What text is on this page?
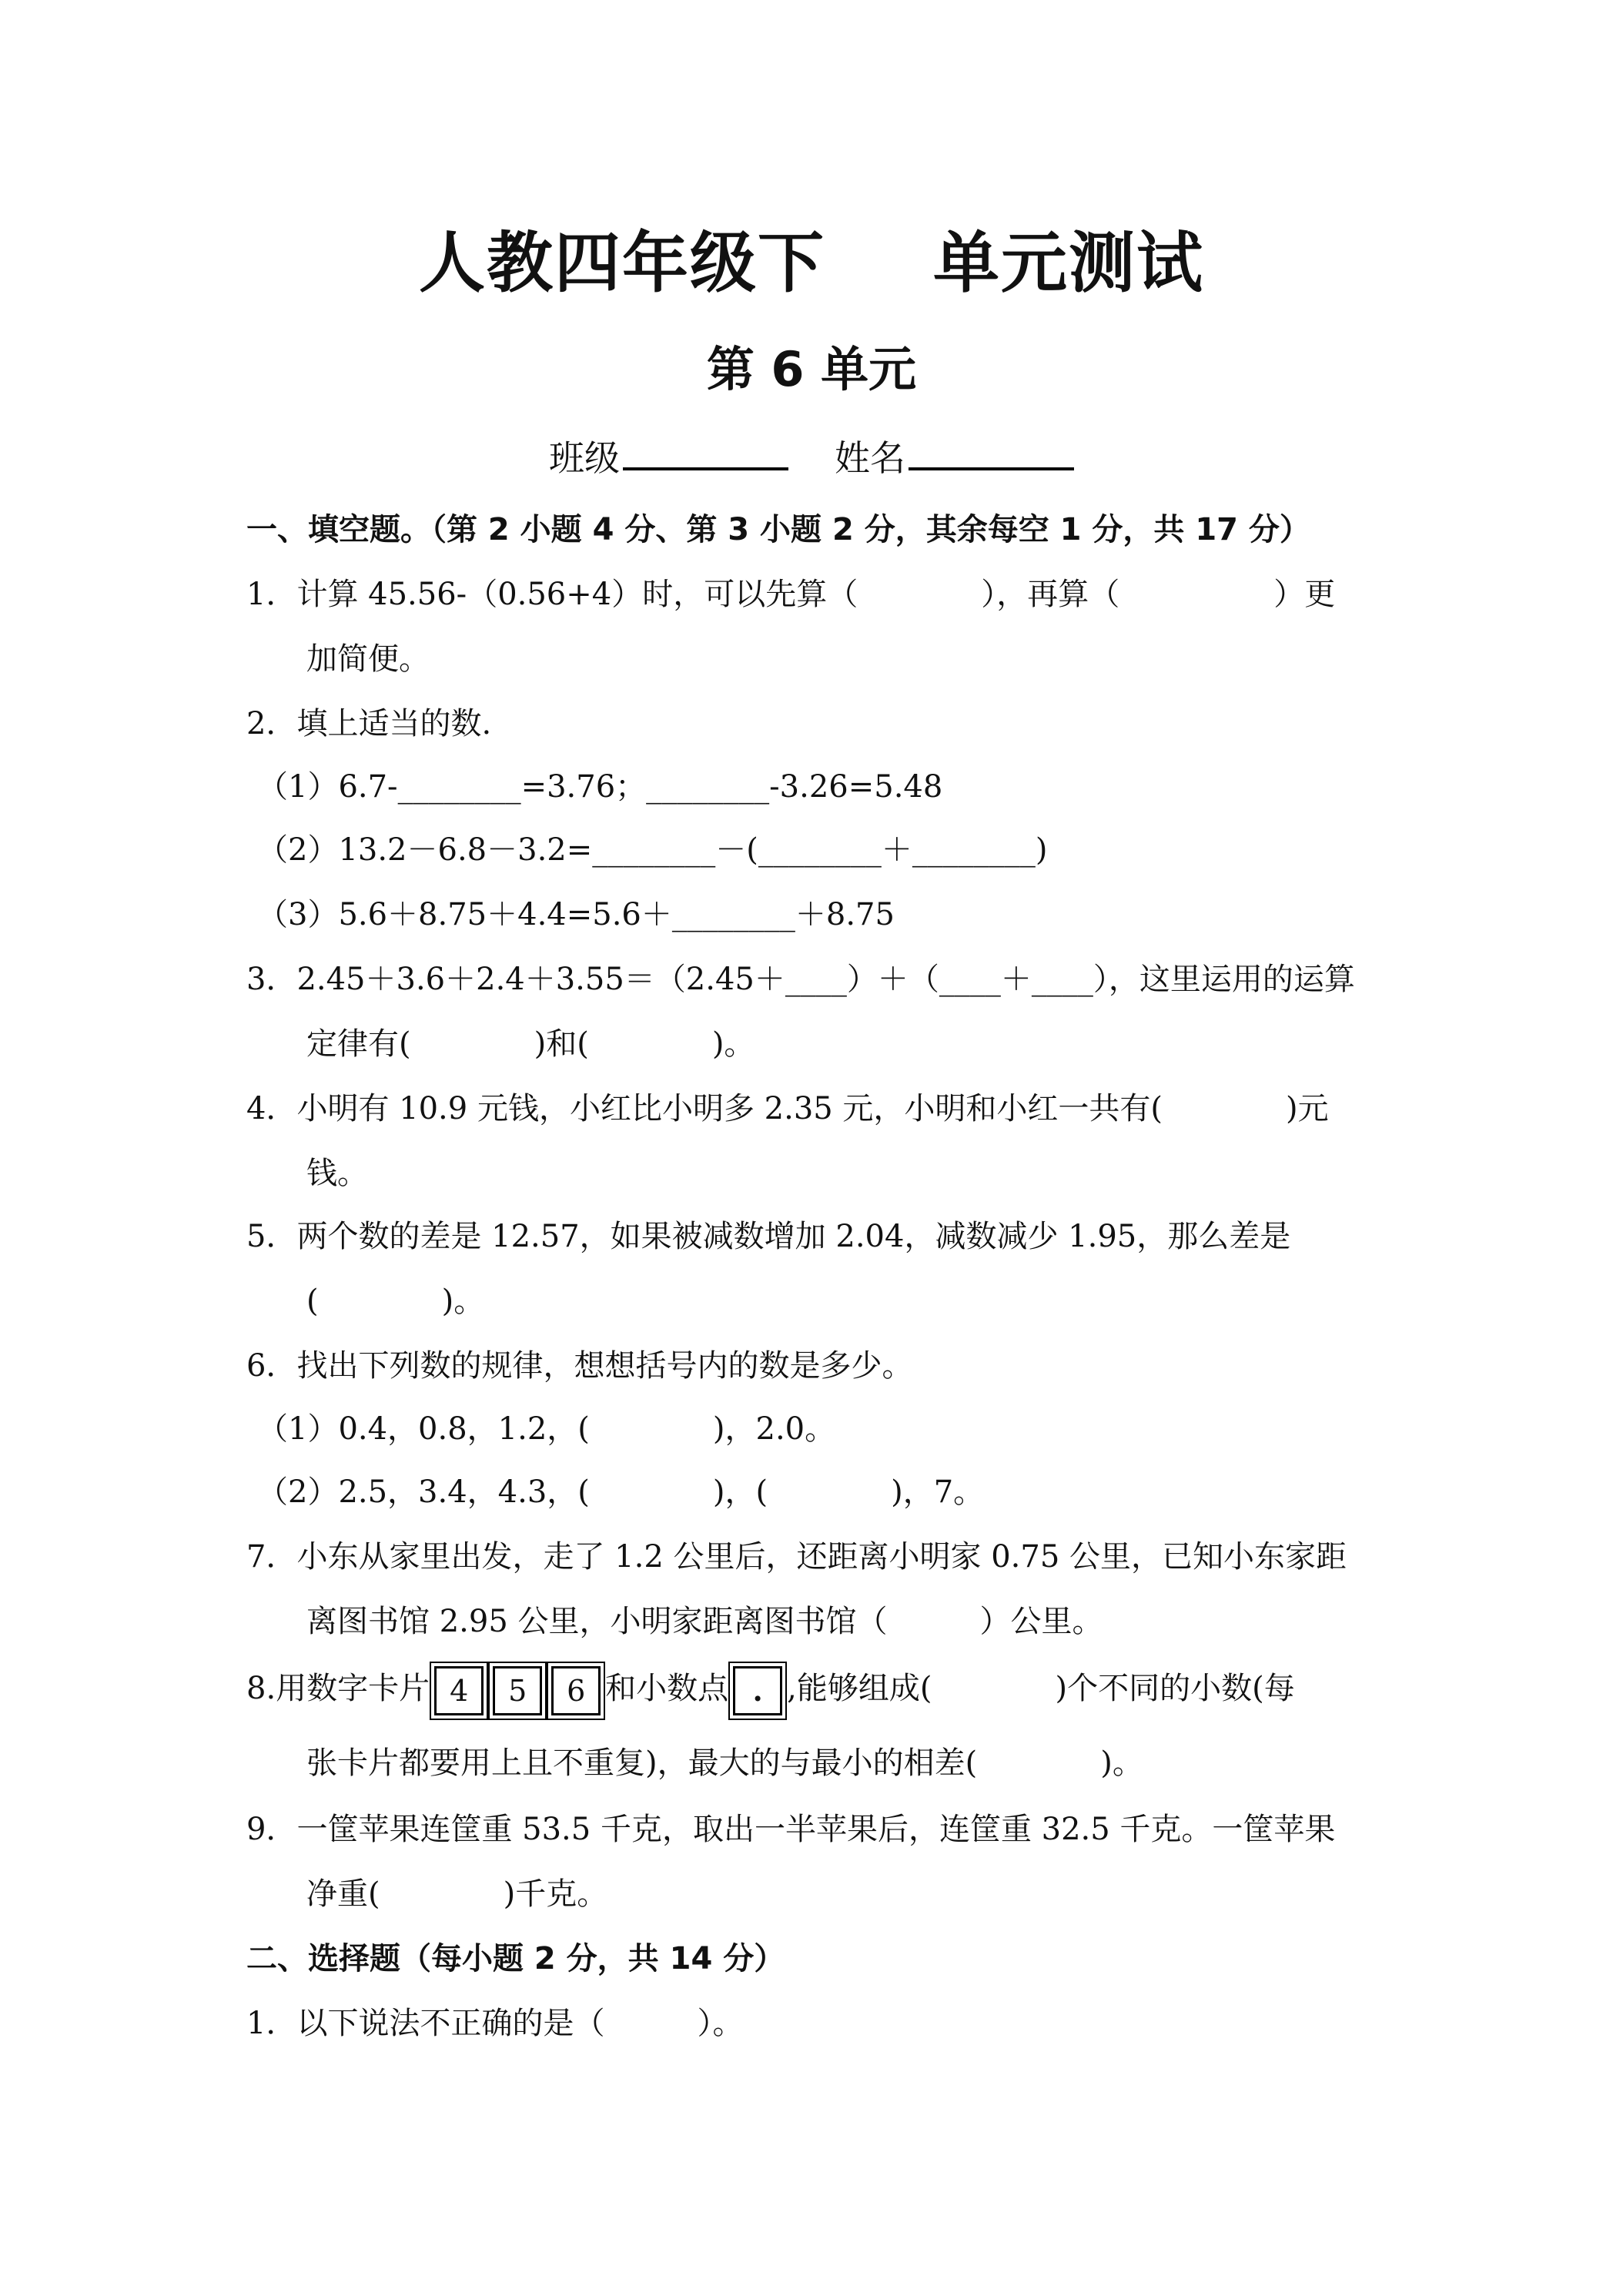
人教四年级下 单元测试
第 6 单元
班级	姓名
一、填空题。（第 2 小题 4 分、第 3 小题 2 分，其余每空 1 分，共 17 分）
1．计算 45.56-（0.56+4）时，可以先算（　　　　），再算（　　　　　）更
加简便。
2．填上适当的数.
（1）6.7-________=3.76；________-3.26=5.48
（2）13.2－6.8－3.2=________－(________＋________)
（3）5.6＋8.75＋4.4=5.6＋________＋8.75
3．2.45＋3.6＋2.4＋3.55＝（2.45＋____）＋（____＋____），这里运用的运算
定律有(　　　　)和(　　　　)。
4．小明有 10.9 元钱，小红比小明多 2.35 元，小明和小红一共有(　　　　)元
钱。
5．两个数的差是 12.57，如果被减数增加 2.04，减数减少 1.95，那么差是
(　　　　)。
6．找出下列数的规律，想想括号内的数是多少。
（1）0.4，0.8，1.2，(　　　　)，2.0。
（2）2.5，3.4，4.3，(　　　　)，(　　　　)，7。
7．小东从家里出发，走了 1.2 公里后，还距离小明家 0.75 公里，已知小东家距
离图书馆 2.95 公里，小明家距离图书馆（　　　）公里。
8.用数字卡片 4 5 6 和小数点 . ,能够组成(　　　　)个不同的小数(每
张卡片都要用上且不重复)，最大的与最小的相差(　　　　)。
9．一筐苹果连筐重 53.5 千克，取出一半苹果后，连筐重 32.5 千克。一筐苹果
净重(　　　　)千克。
二、选择题（每小题 2 分，共 14 分）
1．以下说法不正确的是（　　　）。
